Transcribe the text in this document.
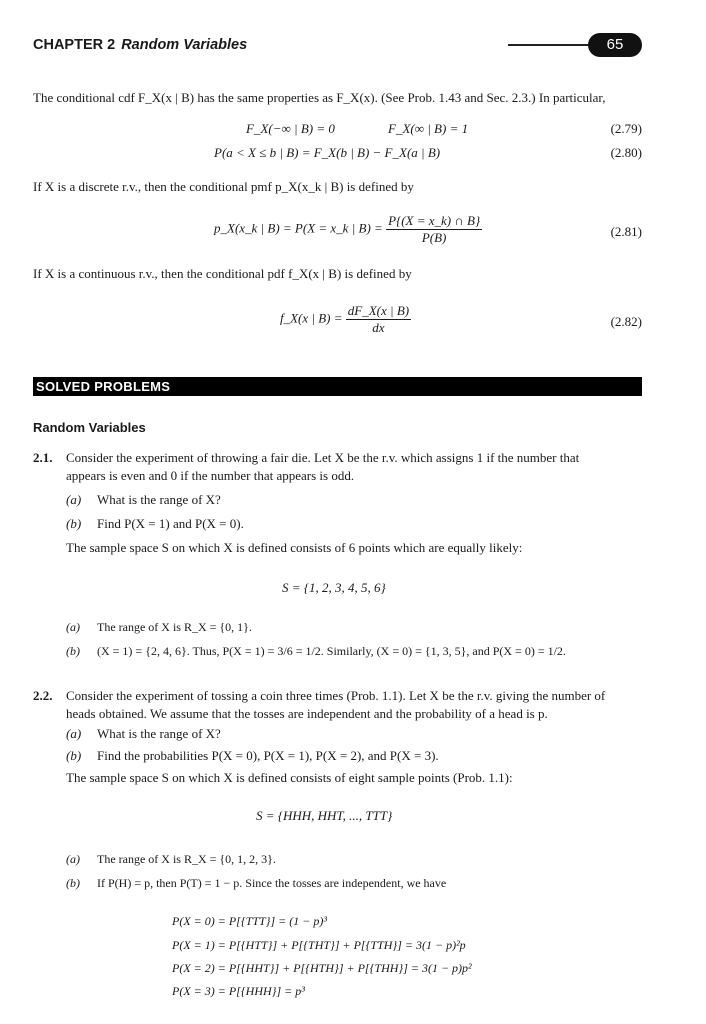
CHAPTER 2 Random Variables	65
The conditional cdf F_X(x | B) has the same properties as F_X(x). (See Prob. 1.43 and Sec. 2.3.) In particular,
F_X(−∞ | B) = 0	F_X(∞ | B) = 1	(2.79)
P(a < X ≤ b | B) = F_X(b | B) − F_X(a | B)	(2.80)
If X is a discrete r.v., then the conditional pmf p_X(x_k | B) is defined by
p_X(x_k | B) = P(X = x_k | $B) = \frac{P\{(X = x\_k) \cap B\}}{P(B)}$	(2.81)
If X is a continuous r.v., then the conditional pdf f_X(x | B) is defined by
f_X(x | $B) = \frac{dF\_X(x | B)}{dx}$	(2.82)
SOLVED PROBLEMS
Random Variables
2.1. Consider the experiment of throwing a fair die. Let X be the r.v. which assigns 1 if the number that
appears is even and 0 if the number that appears is odd.
(a) What is the range of X?
(b) Find P(X = 1) and P(X = 0).
The sample space S on which X is defined consists of 6 points which are equally likely:
S = {1, 2, 3, 4, 5, 6}
(a) The range of X is R_X = {0, 1}.
(b) (X = 1) = {2, 4, 6}. Thus, P(X = 1) = 3/6 = 1/2. Similarly, (X = 0) = {1, 3, 5}, and P(X = 0) = 1/2.
2.2. Consider the experiment of tossing a coin three times (Prob. 1.1). Let X be the r.v. giving the number of
heads obtained. We assume that the tosses are independent and the probability of a head is p.
(a) What is the range of X?
(b) Find the probabilities P(X = 0), P(X = 1), P(X = 2), and P(X = 3).
The sample space S on which X is defined consists of eight sample points (Prob. 1.1):
S = {HHH, HHT, ..., TTT}
(a) The range of X is R_X = {0, 1, 2, 3}.
(b) If P(H) = p, then P(T) = 1 − p. Since the tosses are independent, we have
P(X = 0) = P[{TTT}] = (1 − p)³
P(X = 1) = P[{HTT}] + P[{THT}] + P[{TTH}] = 3(1 − p)²p
P(X = 2) = P[{HHT}] + P[{HTH}] + P[{THH}] = 3(1 − p)p²
P(X = 3) = P[{HHH}] = p³
